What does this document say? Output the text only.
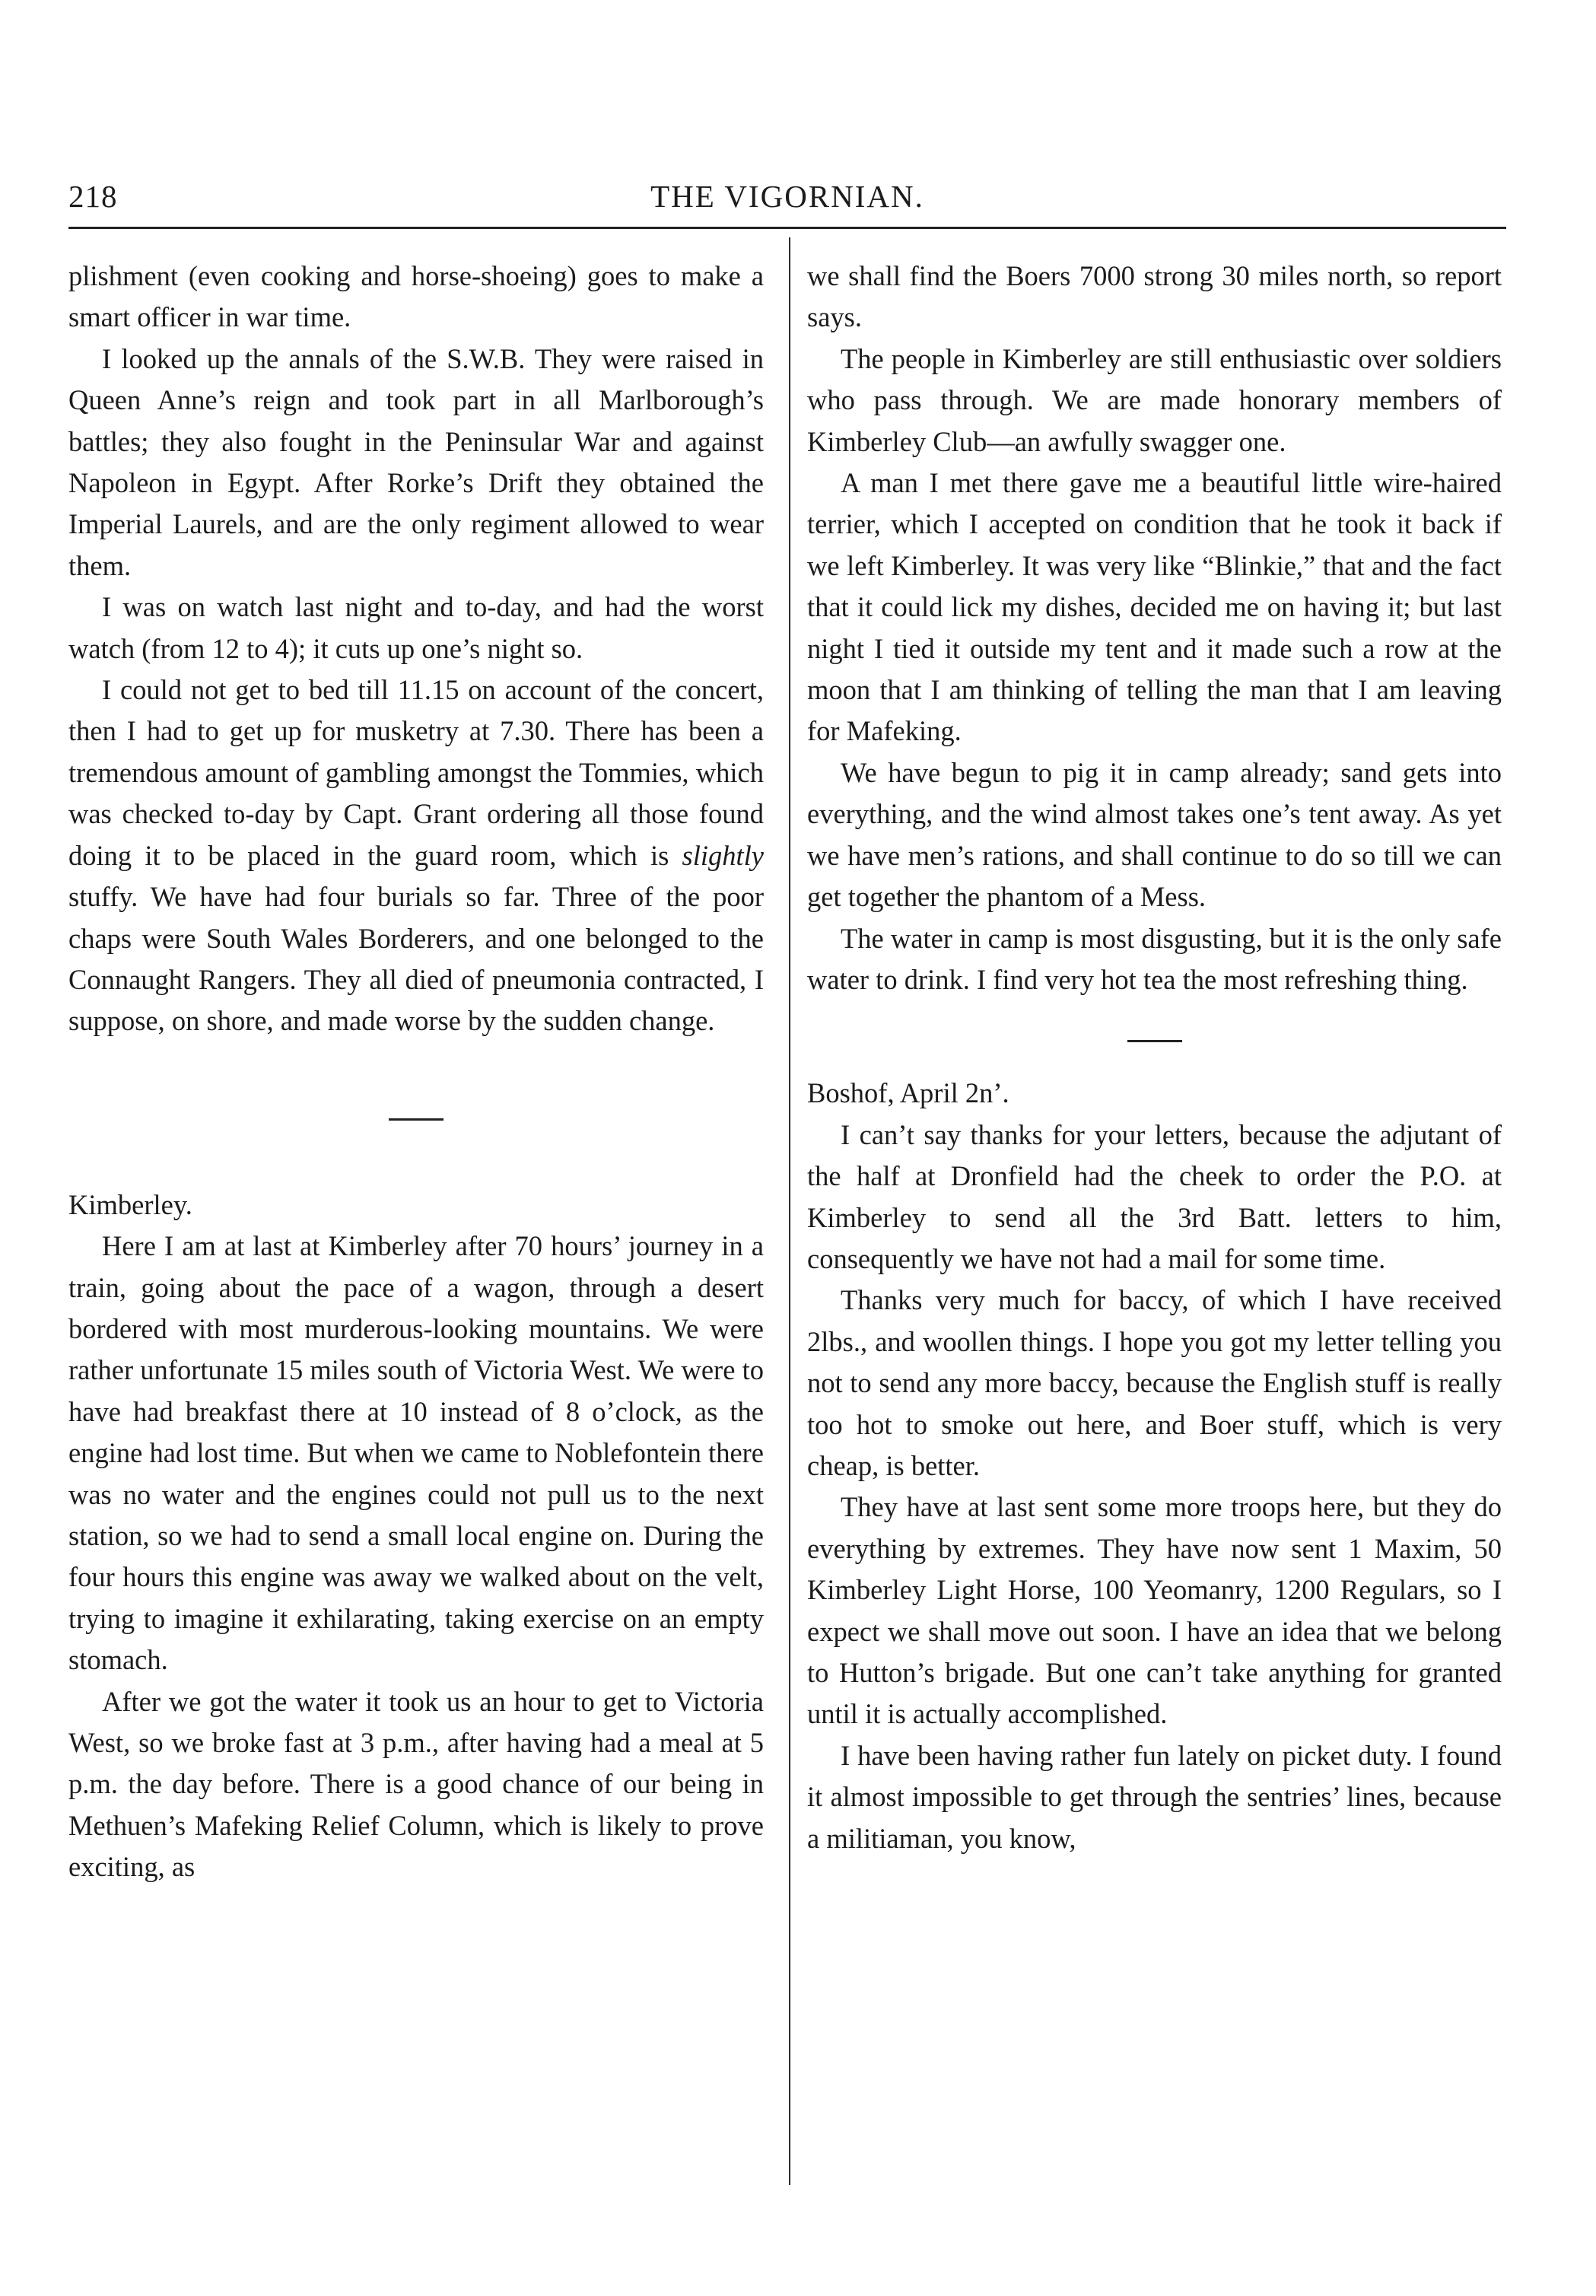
218	THE VIGORNIAN.

plishment (even cooking and horse-shoeing) goes to make a smart officer in war time.

I looked up the annals of the S.W.B. They were raised in Queen Anne’s reign and took part in all Marlborough’s battles; they also fought in the Peninsular War and against Napoleon in Egypt. After Rorke’s Drift they obtained the Imperial Laurels, and are the only regiment allowed to wear them.

I was on watch last night and to-day, and had the worst watch (from 12 to 4); it cuts up one’s night so.

I could not get to bed till 11.15 on account of the concert, then I had to get up for musketry at 7.30. There has been a tremendous amount of gambling amongst the Tommies, which was checked to-day by Capt. Grant ordering all those found doing it to be placed in the guard room, which is slightly stuffy. We have had four burials so far. Three of the poor chaps were South Wales Borderers, and one belonged to the Connaught Rangers. They all died of pneumonia contracted, I suppose, on shore, and made worse by the sudden change.

Kimberley.

Here I am at last at Kimberley after 70 hours’ journey in a train, going about the pace of a wagon, through a desert bordered with most murderous-looking mountains. We were rather unfortunate 15 miles south of Victoria West. We were to have had breakfast there at 10 instead of 8 o’clock, as the engine had lost time. But when we came to Noblefontein there was no water and the engines could not pull us to the next station, so we had to send a small local engine on. During the four hours this engine was away we walked about on the velt, trying to imagine it exhilarating, taking exercise on an empty stomach.

After we got the water it took us an hour to get to Victoria West, so we broke fast at 3 p.m., after having had a meal at 5 p.m. the day before. There is a good chance of our being in Methuen’s Mafeking Relief Column, which is likely to prove exciting, as

we shall find the Boers 7000 strong 30 miles north, so report says.

The people in Kimberley are still enthusiastic over soldiers who pass through. We are made honorary members of Kimberley Club—an awfully swagger one.

A man I met there gave me a beautiful little wire-haired terrier, which I accepted on condition that he took it back if we left Kimberley. It was very like “Blinkie,” that and the fact that it could lick my dishes, decided me on having it; but last night I tied it outside my tent and it made such a row at the moon that I am thinking of telling the man that I am leaving for Mafeking.

We have begun to pig it in camp already; sand gets into everything, and the wind almost takes one’s tent away. As yet we have men’s rations, and shall continue to do so till we can get together the phantom of a Mess.

The water in camp is most disgusting, but it is the only safe water to drink. I find very hot tea the most refreshing thing.

Boshof, April 2n’.

I can’t say thanks for your letters, because the adjutant of the half at Dronfield had the cheek to order the P.O. at Kimberley to send all the 3rd Batt. letters to him, consequently we have not had a mail for some time.

Thanks very much for baccy, of which I have received 2lbs., and woollen things. I hope you got my letter telling you not to send any more baccy, because the English stuff is really too hot to smoke out here, and Boer stuff, which is very cheap, is better.

They have at last sent some more troops here, but they do everything by extremes. They have now sent 1 Maxim, 50 Kimberley Light Horse, 100 Yeomanry, 1200 Regulars, so I expect we shall move out soon. I have an idea that we belong to Hutton’s brigade. But one can’t take anything for granted until it is actually accomplished.

I have been having rather fun lately on picket duty. I found it almost impossible to get through the sentries’ lines, because a militiaman, you know,
